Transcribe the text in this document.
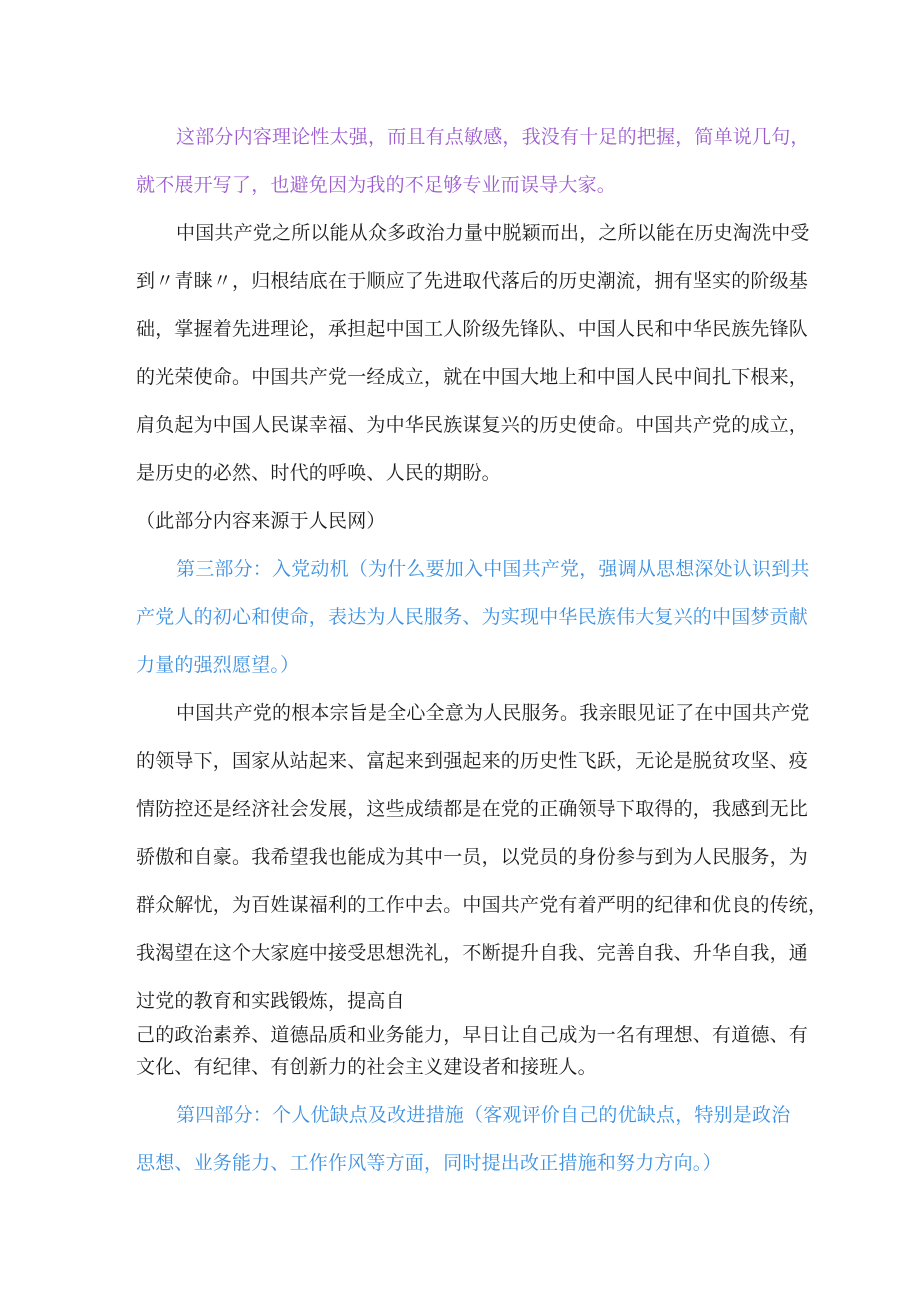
这部分内容理论性太强，而且有点敏感，我没有十足的把握，简单说几句，
就不展开写了，也避免因为我的不足够专业而误导大家。
中国共产党之所以能从众多政治力量中脱颖而出，之所以能在历史淘洗中受
到〃青睐〃，归根结底在于顺应了先进取代落后的历史潮流，拥有坚实的阶级基
础，掌握着先进理论，承担起中国工人阶级先锋队、中国人民和中华民族先锋队
的光荣使命。中国共产党一经成立，就在中国大地上和中国人民中间扎下根来，
肩负起为中国人民谋幸福、为中华民族谋复兴的历史使命。中国共产党的成立，
是历史的必然、时代的呼唤、人民的期盼。
（此部分内容来源于人民网）
第三部分：入党动机（为什么要加入中国共产党，强调从思想深处认识到共
产党人的初心和使命，表达为人民服务、为实现中华民族伟大复兴的中国梦贡献
力量的强烈愿望。）
中国共产党的根本宗旨是全心全意为人民服务。我亲眼见证了在中国共产党
的领导下，国家从站起来、富起来到强起来的历史性飞跃，无论是脱贫攻坚、疫
情防控还是经济社会发展，这些成绩都是在党的正确领导下取得的，我感到无比
骄傲和自豪。我希望我也能成为其中一员，以党员的身份参与到为人民服务，为
群众解忧，为百姓谋福利的工作中去。中国共产党有着严明的纪律和优良的传统，
我渴望在这个大家庭中接受思想洗礼，不断提升自我、完善自我、升华自我，通
过党的教育和实践锻炼，提高自
己的政治素养、道德品质和业务能力，早日让自己成为一名有理想、有道德、有
文化、有纪律、有创新力的社会主义建设者和接班人。
第四部分：个人优缺点及改进措施（客观评价自己的优缺点，特别是政治
思想、业务能力、工作作风等方面，同时提出改正措施和努力方向。）
